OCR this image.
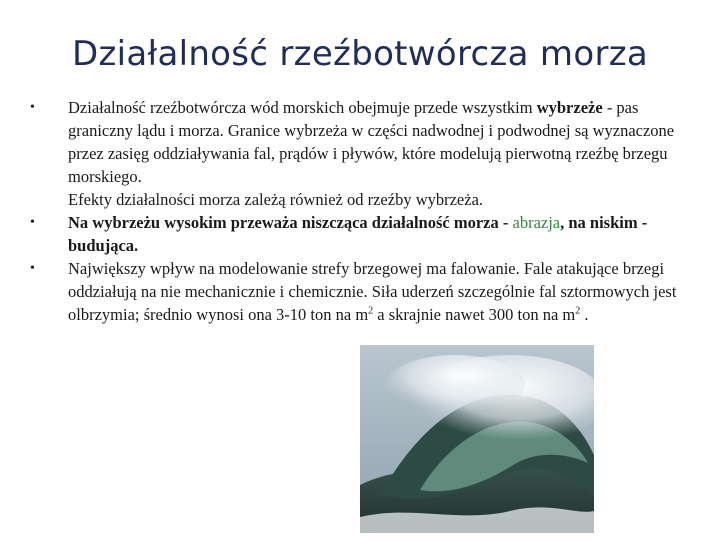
Działalność rzeźbotwórcza morza
• Działalność rzeźbotwórcza wód morskich obejmuje przede wszystkim wybrzeże - pas graniczny lądu i morza. Granice wybrzeża w części nadwodnej i podwodnej są wyznaczone przez zasięg oddziaływania fal, prądów i pływów, które modelują pierwotną rzeźbę brzegu morskiego.
Efekty działalności morza zależą również od rzeźby wybrzeża.
• Na wybrzeżu wysokim przeważa niszcząca działalność morza - abrazja, na niskim - budująca.
• Największy wpływ na modelowanie strefy brzegowej ma falowanie. Fale atakujące brzegi oddziałują na nie mechanicznie i chemicznie. Siła uderzeń szczególnie fal sztormowych jest olbrzymia; średnio wynosi ona 3-10 ton na $m^2$ a skrajnie nawet 300 ton na $m^2$ .
